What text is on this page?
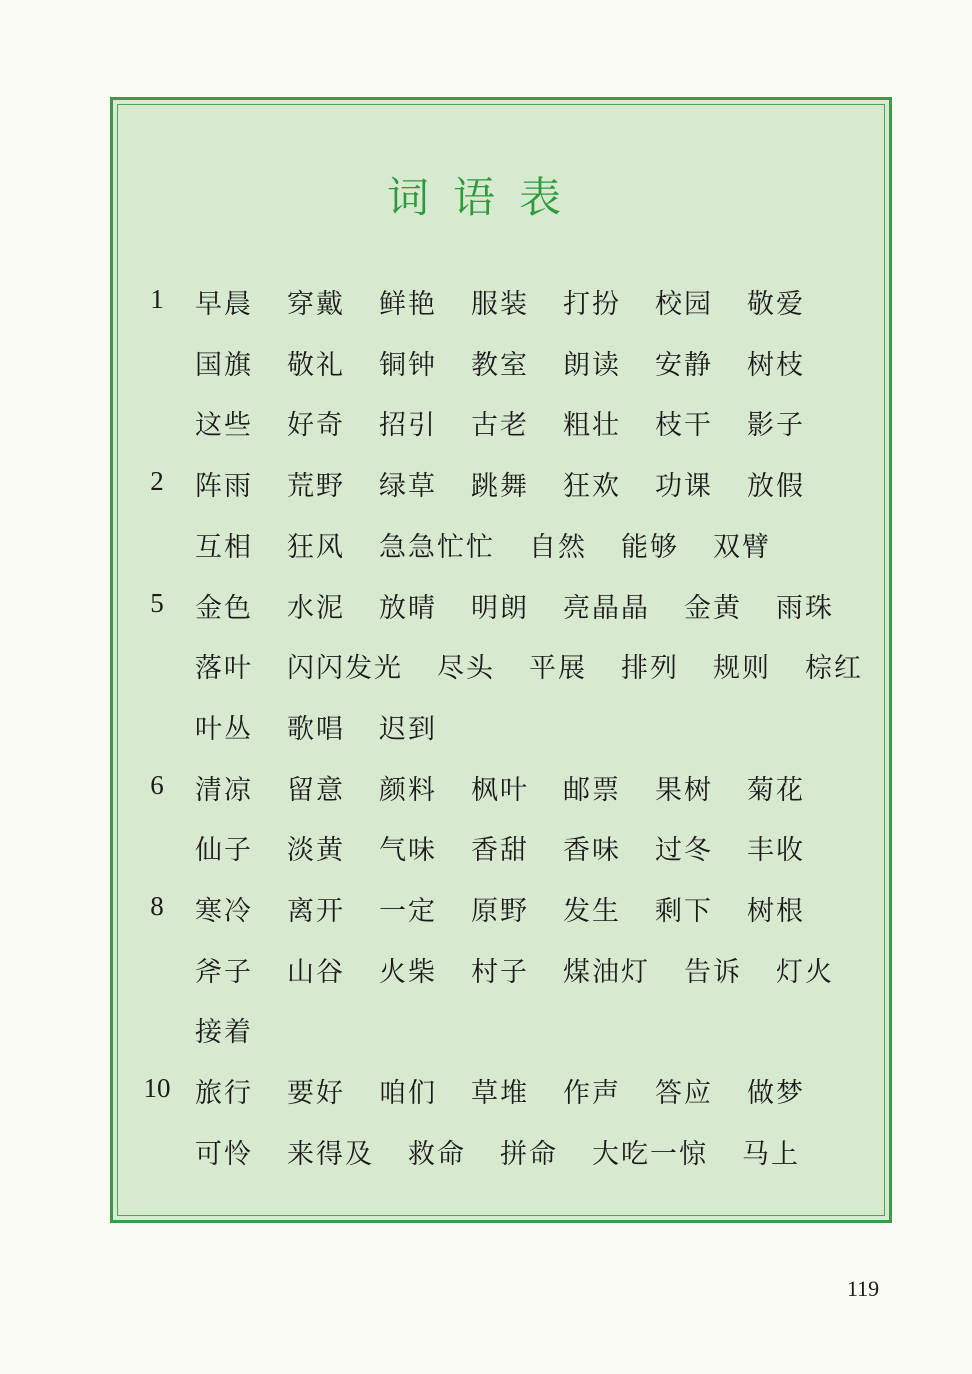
词语表
1	早晨 穿戴 鲜艳 服装 打扮 校园 敬爱
国旗 敬礼 铜钟 教室 朗读 安静 树枝
这些 好奇 招引 古老 粗壮 枝干 影子
2	阵雨 荒野 绿草 跳舞 狂欢 功课 放假
互相 狂风 急急忙忙 自然 能够 双臂
5	金色 水泥 放晴 明朗 亮晶晶 金黄 雨珠
落叶 闪闪发光 尽头 平展 排列 规则 棕红
叶丛 歌唱 迟到
6	清凉 留意 颜料 枫叶 邮票 果树 菊花
仙子 淡黄 气味 香甜 香味 过冬 丰收
8	寒冷 离开 一定 原野 发生 剩下 树根
斧子 山谷 火柴 村子 煤油灯 告诉 灯火
接着
10 旅行 要好 咱们 草堆 作声 答应 做梦
可怜 来得及 救命 拼命 大吃一惊 马上
119
